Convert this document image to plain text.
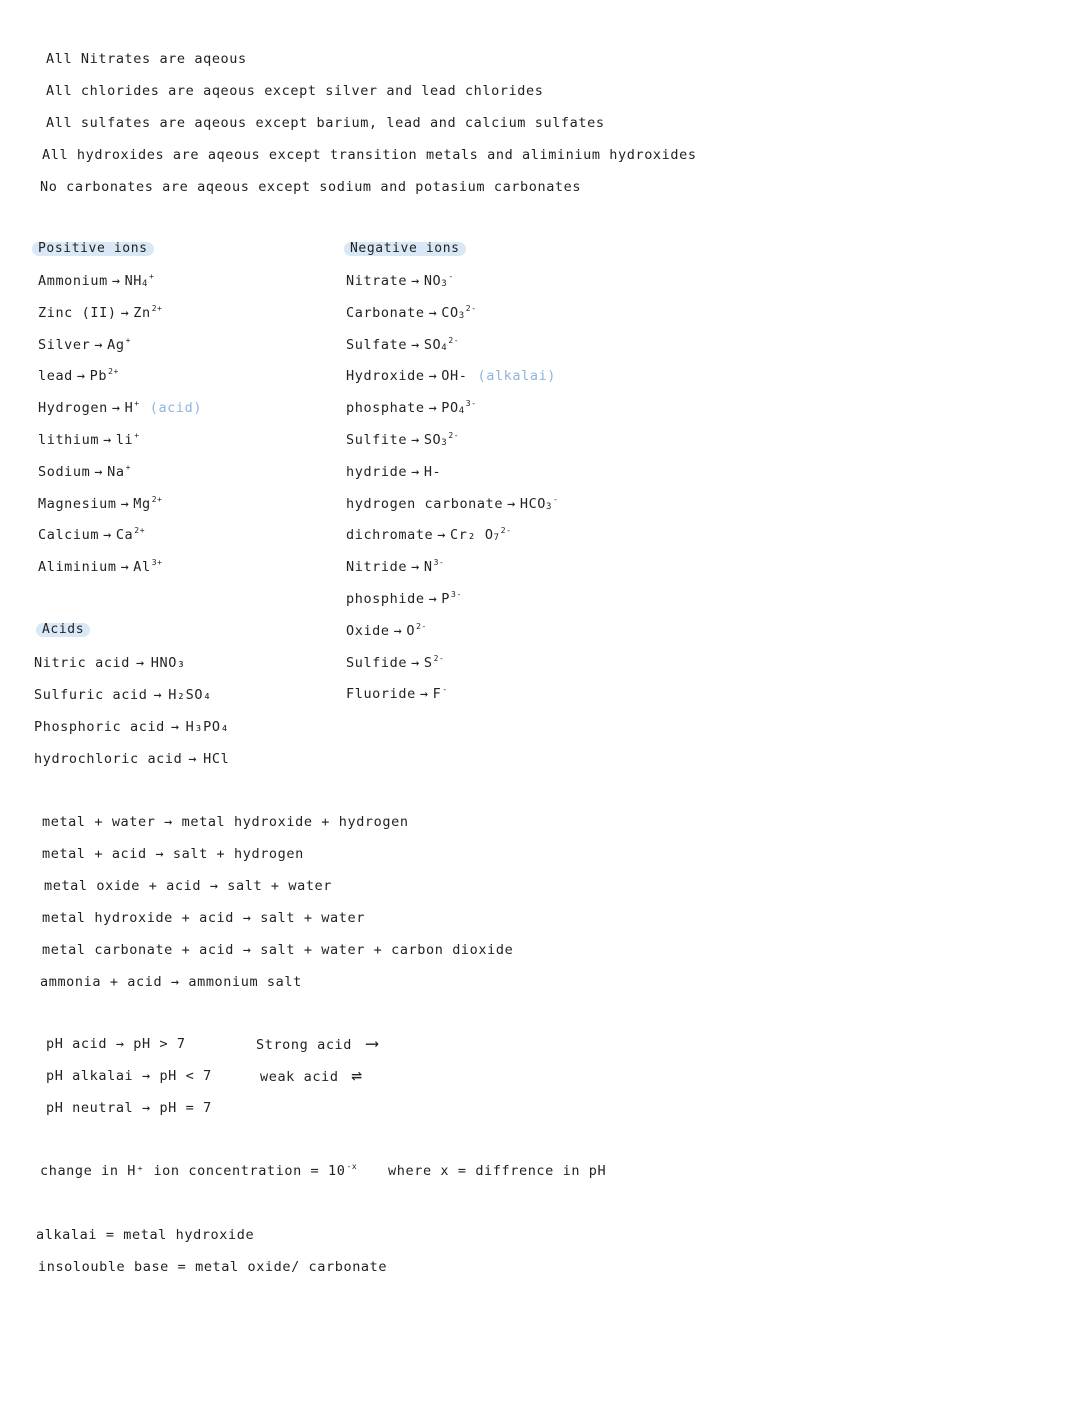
All Nitrates are aqeous
All chlorides are aqeous except silver and lead chlorides
All sulfates are aqeous except barium, lead and calcium sulfates
All hydroxides are aqeous except transition metals and aliminium hydroxides
No carbonates are aqeous except sodium and potasium carbonates
Positive ions	Negative ions
Ammonium → $NH_4^+$
Zinc $(II) \to Zn^{2+}$
Silver → Ag+
lead → $Pb^{2+}$
Hydrogen → H+ (acid)
lithium → li+
Sodium → Na+
Magnesium → $Mg^{2+}$
Calcium → $Ca^{2+}$
Aliminium → $Al^{3+}$
Nitrate → $NO_3^-$
Carbonate → $CO_3^{2-}$
Sulfate → $SO_4^{2-}$
Hydroxide → OH- (alkalai)
phosphate → $PO_4^{3-}$
Sulfite → $SO_3^{2-}$
hydride → H-
hydrogen carbonate → $HCO_3^-$
dichromate → Cr₂ $O_7^{2-}$
Nitride → $N^{3-}$
phosphide → $P^{3-}$
Oxide → $O^{2-}$
Sulfide → $S^{2-}$
Fluoride → F-
Acids
Nitric acid → HNO₃
Sulfuric acid → H₂SO₄
Phosphoric acid → H₃PO₄
hydrochloric acid → HCl
metal + water → metal hydroxide + hydrogen
metal + acid → salt + hydrogen
metal oxide + acid → salt + water
metal hydroxide + acid → salt + water
metal carbonate + acid → salt + water + carbon dioxide
ammonia + acid → ammonium salt
pH acid → pH > 7
pH alkalai → pH < 7
pH neutral → pH = 7
Strong acid ⟶
weak acid ⇌
change in H⁺ ion concentration = $10^{-x}$ where x = diffrence in pH
alkalai = metal hydroxide
insolouble base = metal oxide/ carbonate
